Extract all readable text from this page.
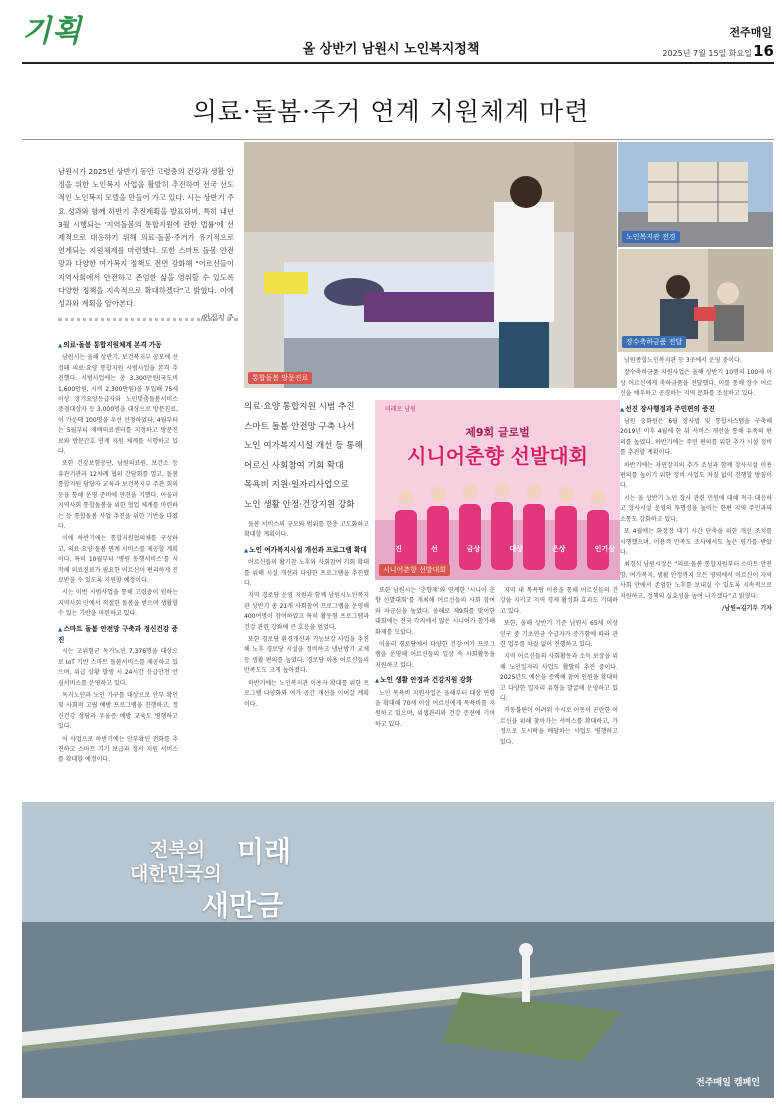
기획
올 상반기 남원시 노인복지정책
전주매일
2025년 7월 15일 화요일 16
의료·돌봄·주거 연계 지원체계 마련
남원시가 2025년 상반기 동안 고령층의 건강과 생활 안정을 위한 노인복지 사업을 활발히 추진하며 전국 선도적인 노인복지 모델을 만들어 가고 있다. 시는 상반기 주요 성과와 함께 하반기 추진계획을 발표하며, 특히 내년 3월 시행되는 '지역돌봄의 통합지원에 관한 법률'에 선제적으로 대응하기 위해 의료·돌봄·주거가 유기적으로 연계되는 지원체계를 마련했다. 또한 스마트 돌봄 안전망과 다양한 여가복지 정책도 전면 강화해 "어르신들이 지역사회에서 안전하고 존엄한 삶을 영위할 수 있도록 다양한 정책을 지속적으로 확대하겠다"고 밝혔다. 이에 성과와 계획을 알아본다.
/안집지 주
통합돌봄 방문진료
노인복지관 전경
장수축하금품 전달
의료·요양 통합지원 시범 추진
스마트 돌봄 안전망 구축 나서
노인 여가복지시설 개선 등 통해
어르신 사회참여 기회 확대
목욕비 지원·일자리사업으로
노인 생활 안정·건강지원 강화
미래로 남원
제9회 글로벌
시니어춘향 선발대회
진	선	금상	대상	은상	인기상
시니어춘향 선발대회

▲ 의료·돌봄 통합지원체계 본격 가동

남원시는 올해 상반기, 보건복지부 공모에 선정돼 의료·요양 통합지원 시범사업을 본격 추진했다. 시범사업에는 총 3,300만원(국도비 1,600만원, 시비 2,300만원)을 투입해 75세 이상 장기요양등급자와 노인맞춤돌봄서비스 중점대상자 등 3,000명을 대상으로 방문진료, 이 가운데 100명을 우선 선정하였다. 4월부터는 5월부터 재택의료센터를 지정하고 방문진료와 방문간호 연계 지원 체계를 시행하고 있다.

또한 건강보험공단, 남원의료원, 보건소 등 유관기관과 12차례 협의 간담회를 열고, 돌봄 통합지원 담당자 교육과 보건복지부 주관 회의 등을 통해 운영 준비에 만전을 기했다. 아울러 지역사회 통합돌봄을 위한 협업 체계를 마련하는 등 통합돌봄 사업 추진을 위한 기반을 다졌다.

이에 하반기에는 통합지원협의체를 구성하고, 의료·요양·돌봄 연계 서비스를 제공할 계획이다. 특히 10월부터 '병원 동행서비스'를 시작해 의료진료가 필요한 어르신이 편리하게 진료받을 수 있도록 지원할 예정이다.

시는 이번 시범사업을 통해 고령층이 원하는 지역사회 안에서 적절한 돌봄을 받으며 생활할 수 있는 기반을 마련하고 있다.

▲ 스마트 돌봄 안전망 구축과 정신건강 증진

시는 고위험군 독거노인 7,376명을 대상으로 IoT 기반 스마트 돌봄서비스를 제공하고 있으며, 위급 상황 발생 시 24시간 응급안전 안심서비스를 운영하고 있다.

독거노인과 노인 가구를 대상으로 안부 확인 및 사회적 고립 예방 프로그램을 진행하고, 정신건강 상담과 우울증 예방 교육도 병행하고 있다.

이 사업으로 하반기에는 안부확인 전화를 추진하고 스마트 기기 보급과 정서 지원 서비스를 확대할 예정이다.

돌봄 서비스의 규모와 범위를 한층 고도화하고 확대할 계획이다.

▲ 노인 여가복지시설 개선과 프로그램 확대

어르신들의 활기찬 노후와 사회참여 기회 확대를 위해 시설 개선과 다양한 프로그램을 추진했다.

지역 경로당 운영 지원과 함께 남원시노인복지관 상반기 총 21개 사회참여 프로그램을 운영해 400여명이 참여하였고 특히 활동형 프로그램과 건강 관련 강좌에 큰 호응을 얻었다.

또한 경로당 환경개선과 기능보강 사업을 추진해 노후 경로당 시설을 정비하고 냉난방기 교체 등 생활 편의를 높였다. 경로당 이용 어르신들의 만족도도 크게 높아졌다.

하반기에는 노인복지관 이용자 확대를 위한 프로그램 다양화와 여가 공간 개선을 이어갈 계획이다.

또한 남원시는 ‘춘향제’와 연계한 ‘시니어 춘향 선발대회’를 개최해 어르신들의 사회 참여와 자긍심을 높였다. 올해로 제9회를 맞이한 대회에는 전국 각지에서 많은 시니어가 참가해 화제를 모았다.

이울러 경로당에서 다양한 건강·여가 프로그램을 운영해 어르신들의 일상 속 사회활동을 지원하고 있다.

▲ 노인 생활 안정과 건강지원 강화

노인 목욕비 지원사업은 올해부터 대상 연령을 확대해 70세 이상 어르신에게 목욕비를 지원하고 있으며, 위생관리와 건강 증진에 기여하고 있다.

지역 내 목욕탕 이용을 통해 어르신들의 건강을 지키고 지역 경제 활성화 효과도 기대하고 있다.

또한, 올해 상반기 기준 남원시 65세 이상 인구 중 기초연금 수급자가 증가함에 따라 관련 업무를 차질 없이 진행하고 있다.

지역 어르신들의 사회활동과 소득 보장을 위해 노인일자리 사업도 활발히 추진 중이다. 2025년도 예산을 증액해 참여 인원을 확대하고 다양한 일자리 유형을 발굴해 운영하고 있다.

거동불편이 어려워 수시로 이동이 곤란한 어르신을 위해 찾아가는 서비스를 확대하고, 가정으로 도시락을 배달하는 사업도 병행하고 있다.

남원종합노인복지관 등 3곳에서 운영 중이다.

장수축하금품 지원사업은 올해 상반기 10명의 100세 이상 어르신에게 축하금품을 전달했다. 이를 통해 장수 어르신을 예우하고 공경하는 지역 문화를 조성하고 있다.

▲ 선진 장사행정과 주민편의 증진

남원 승화원은 6월 장사법 및 통합시스템을 구축해 2019년 이후 4월에 한 뒤 서비스 개선을 통해 유족의 편의를 높였다. 하반기에는 주민 편의를 위한 추가 시설 정비를 추진할 계획이다.

하반기에는 자연장지의 추가 조성과 함께 장사시설 이용 편의를 높이기 위한 정비 사업도 차질 없이 진행할 방침이다.

시는 올 상반기 노인 장사 관련 민원에 대해 적극 대응하고 장사시설 운영의 투명성을 높이는 한편 지역 주민과의 소통도 강화하고 있다.

또 4월에는 화장장 대기 시간 단축을 위한 개선 조치를 시행했으며, 이용객 만족도 조사에서도 높은 평가를 받았다.

최경식 남원시장은 “의료·돌봄 통합지원부터 스마트 안전망, 여가복지, 생활 안정까지 모든 영역에서 어르신이 지역사회 안에서 존엄한 노후를 보내실 수 있도록 지속적으로 지원하고, 정책의 실효성을 높여 나가겠다”고 밝혔다.

/남원=김기두 기자

전북의
대한민국의
미래
새만금
전주매일 캠페인
